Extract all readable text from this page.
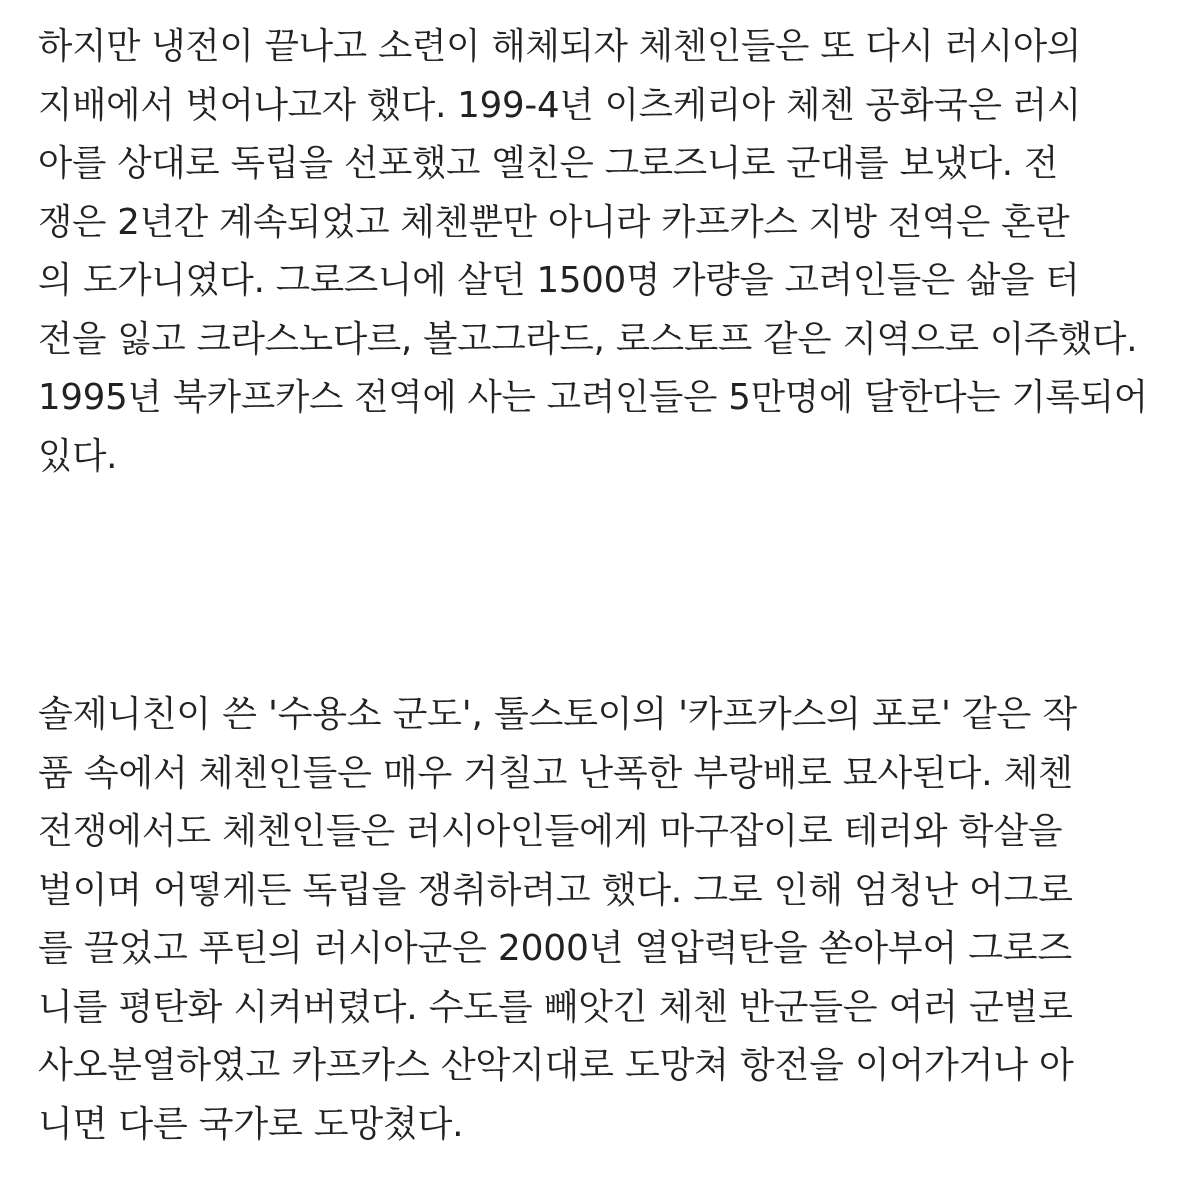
하지만 냉전이 끝나고 소련이 해체되자 체첸인들은 또 다시 러시아의
지배에서 벗어나고자 했다. 199-4년 이츠케리아 체첸 공화국은 러시
아를 상대로 독립을 선포했고 옐친은 그로즈니로 군대를 보냈다. 전
쟁은 2년간 계속되었고 체첸뿐만 아니라 카프카스 지방 전역은 혼란
의 도가니였다. 그로즈니에 살던 1500명 가량을 고려인들은 삶을 터
전을 잃고 크라스노다르, 볼고그라드, 로스토프 같은 지역으로 이주했다.
1995년 북카프카스 전역에 사는 고려인들은 5만명에 달한다는 기록되어
있다.
솔제니친이 쓴 '수용소 군도', 톨스토이의 '카프카스의 포로' 같은 작
품 속에서 체첸인들은 매우 거칠고 난폭한 부랑배로 묘사된다. 체첸
전쟁에서도 체첸인들은 러시아인들에게 마구잡이로 테러와 학살을
벌이며 어떻게든 독립을 쟁취하려고 했다. 그로 인해 엄청난 어그로
를 끌었고 푸틴의 러시아군은 2000년 열압력탄을 쏟아부어 그로즈
니를 평탄화 시켜버렸다. 수도를 빼앗긴 체첸 반군들은 여러 군벌로
사오분열하였고 카프카스 산악지대로 도망쳐 항전을 이어가거나 아
니면 다른 국가로 도망쳤다.
